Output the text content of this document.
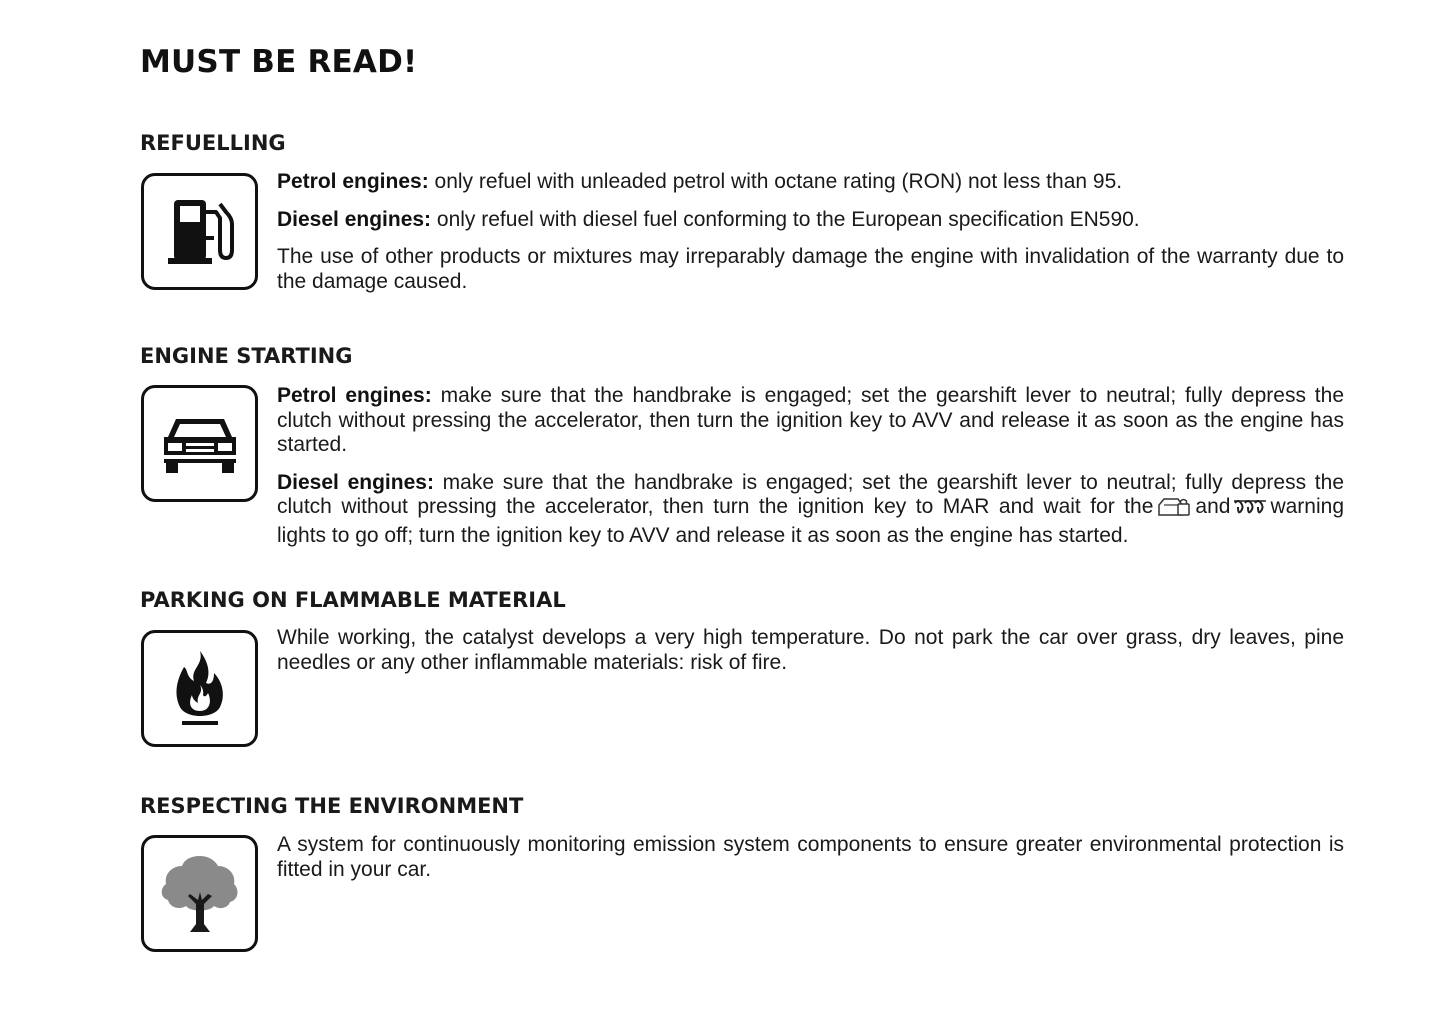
MUST BE READ!
REFUELLING

Petrol engines: only refuel with unleaded petrol with octane rating (RON) not less than 95.

Diesel engines: only refuel with diesel fuel conforming to the European specification EN590.

The use of other products or mixtures may irreparably damage the engine with invalidation of the warranty due to the damage caused.

ENGINE STARTING

Petrol engines: make sure that the handbrake is engaged; set the gearshift lever to neutral; fully depress the clutch without pressing the accelerator, then turn the ignition key to AVV and release it as soon as the engine has started.

Diesel engines: make sure that the handbrake is engaged; set the gearshift lever to neutral; fully depress the clutch without pressing the accelerator, then turn the ignition key to MAR and wait for the and warning lights to go off; turn the ignition key to AVV and release it as soon as the engine has started.

PARKING ON FLAMMABLE MATERIAL

While working, the catalyst develops a very high temperature. Do not park the car over grass, dry leaves, pine needles or any other inflammable materials: risk of fire.

RESPECTING THE ENVIRONMENT

A system for continuously monitoring emission system components to ensure greater environmental protection is fitted in your car.
